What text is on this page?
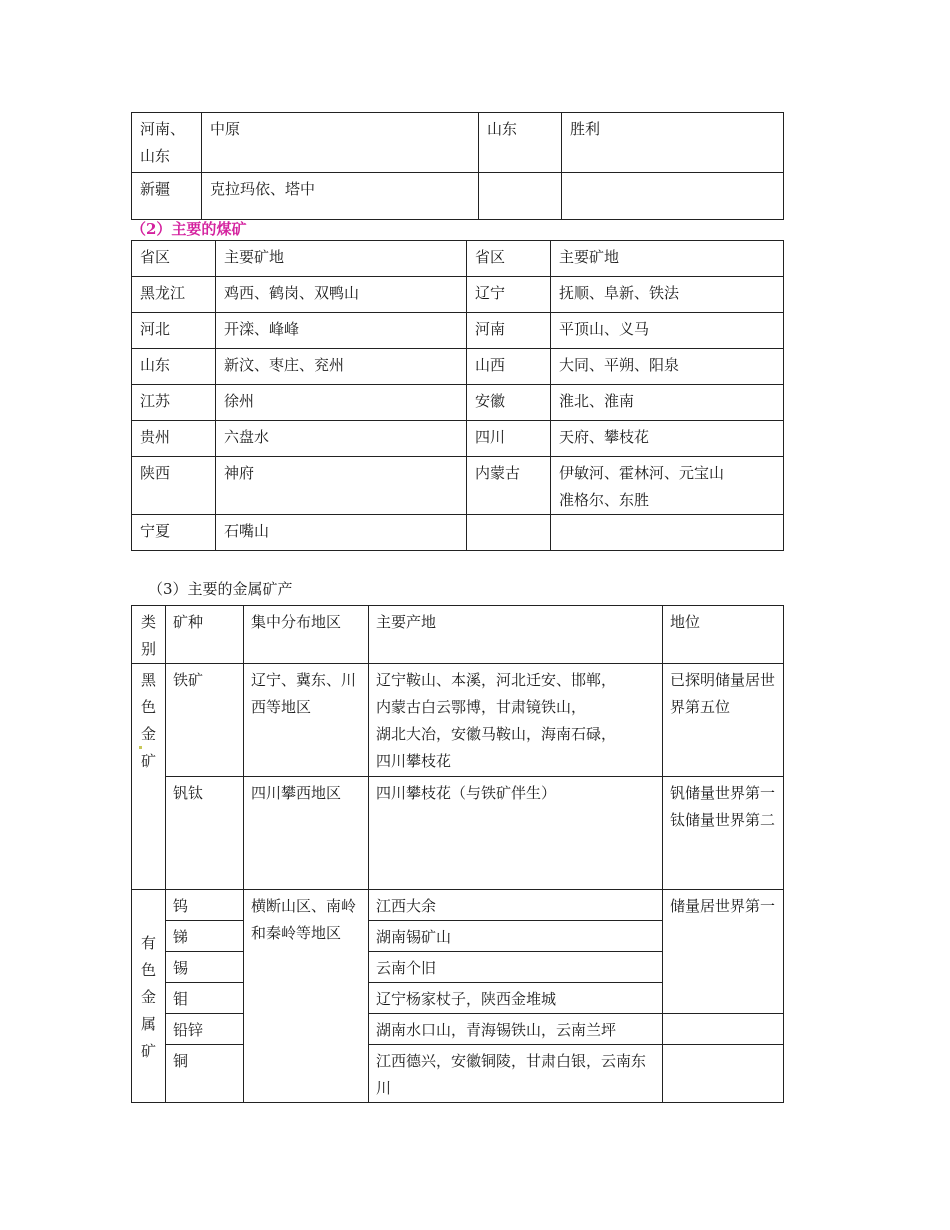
河南、山东	中原	山东	胜利
新疆	克拉玛依、塔中		
（2）主要的煤矿
省区	主要矿地	省区	主要矿地
黑龙江	鸡西、鹤岗、双鸭山	辽宁	抚顺、阜新、铁法
河北	开滦、峰峰	河南	平顶山、义马
山东	新汶、枣庄、兖州	山西	大同、平朔、阳泉
江苏	徐州	安徽	淮北、淮南
贵州	六盘水	四川	天府、攀枝花
陕西	神府	内蒙古	伊敏河、霍林河、元宝山
准格尔、东胜

宁夏	石嘴山		
（3）主要的金属矿产
类别	矿种	集中分布地区	主要产地	地位
黑色金矿	铁矿	辽宁、冀东、川西等地区	辽宁鞍山、本溪，河北迁安、邯郸，
内蒙古白云鄂博，甘肃镜铁山，
湖北大冶，安徽马鞍山，海南石碌，
四川攀枝花	已探明储量居世界第五位
	钒钛	四川攀西地区	四川攀枝花（与铁矿伴生）	钒储量世界第一
钛储量世界第二

有色金属矿	钨	横断山区、南岭和秦岭等地区	江西大余	储量居世界第一
	锑		湖南锡矿山	
	锡		云南个旧	
	钼		辽宁杨家杖子，陕西金堆城	
	铅锌		湖南水口山，青海锡铁山，云南兰坪	
	铜		江西德兴，安徽铜陵，甘肃白银，云南东川	
